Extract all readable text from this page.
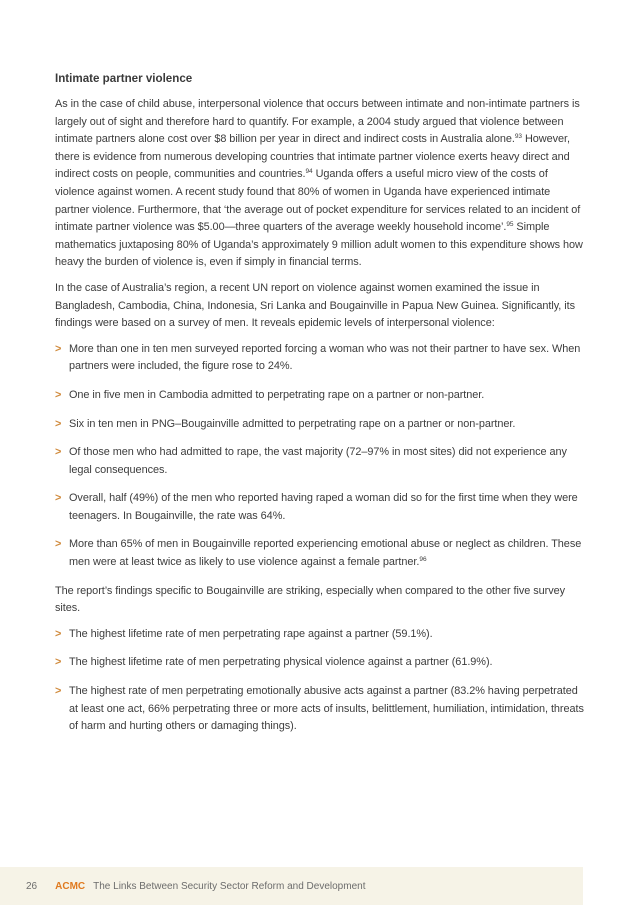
Intimate partner violence

As in the case of child abuse, interpersonal violence that occurs between intimate and non-intimate partners is largely out of sight and therefore hard to quantify. For example, a 2004 study argued that violence between intimate partners alone cost over $8 billion per year in direct and indirect costs in Australia alone.$^{93}$ However, there is evidence from numerous developing countries that intimate partner violence exerts heavy direct and indirect costs on people, communities and countries.$^{94}$ Uganda offers a useful micro view of the costs of violence against women. A recent study found that 80% of women in Uganda have experienced intimate partner violence. Furthermore, that ‘the average out of pocket expenditure for services related to an incident of intimate partner violence was $5.00—three quarters of the average weekly household income’.$^{95}$ Simple mathematics juxtaposing 80% of Uganda’s approximately 9 million adult women to this expenditure shows how heavy the burden of violence is, even if simply in financial terms.

In the case of Australia’s region, a recent UN report on violence against women examined the issue in Bangladesh, Cambodia, China, Indonesia, Sri Lanka and Bougainville in Papua New Guinea. Significantly, its findings were based on a survey of men. It reveals epidemic levels of interpersonal violence:

> More than one in ten men surveyed reported forcing a woman who was not their partner to have sex. When partners were included, the figure rose to 24%.
> One in five men in Cambodia admitted to perpetrating rape on a partner or non-partner.
> Six in ten men in PNG–Bougainville admitted to perpetrating rape on a partner or non-partner.
> Of those men who had admitted to rape, the vast majority (72–97% in most sites) did not experience any legal consequences.
> Overall, half (49%) of the men who reported having raped a woman did so for the first time when they were teenagers. In Bougainville, the rate was 64%.
> More than 65% of men in Bougainville reported experiencing emotional abuse or neglect as children. These men were at least twice as likely to use violence against a female partner.$^{96}$

The report’s findings specific to Bougainville are striking, especially when compared to the other five survey sites.

> The highest lifetime rate of men perpetrating rape against a partner (59.1%).
> The highest lifetime rate of men perpetrating physical violence against a partner (61.9%).
> The highest rate of men perpetrating emotionally abusive acts against a partner (83.2% having perpetrated at least one act, 66% perpetrating three or more acts of insults, belittlement, humiliation, intimidation, threats of harm and hurting others or damaging things).
26 ACMC The Links Between Security Sector Reform and Development
